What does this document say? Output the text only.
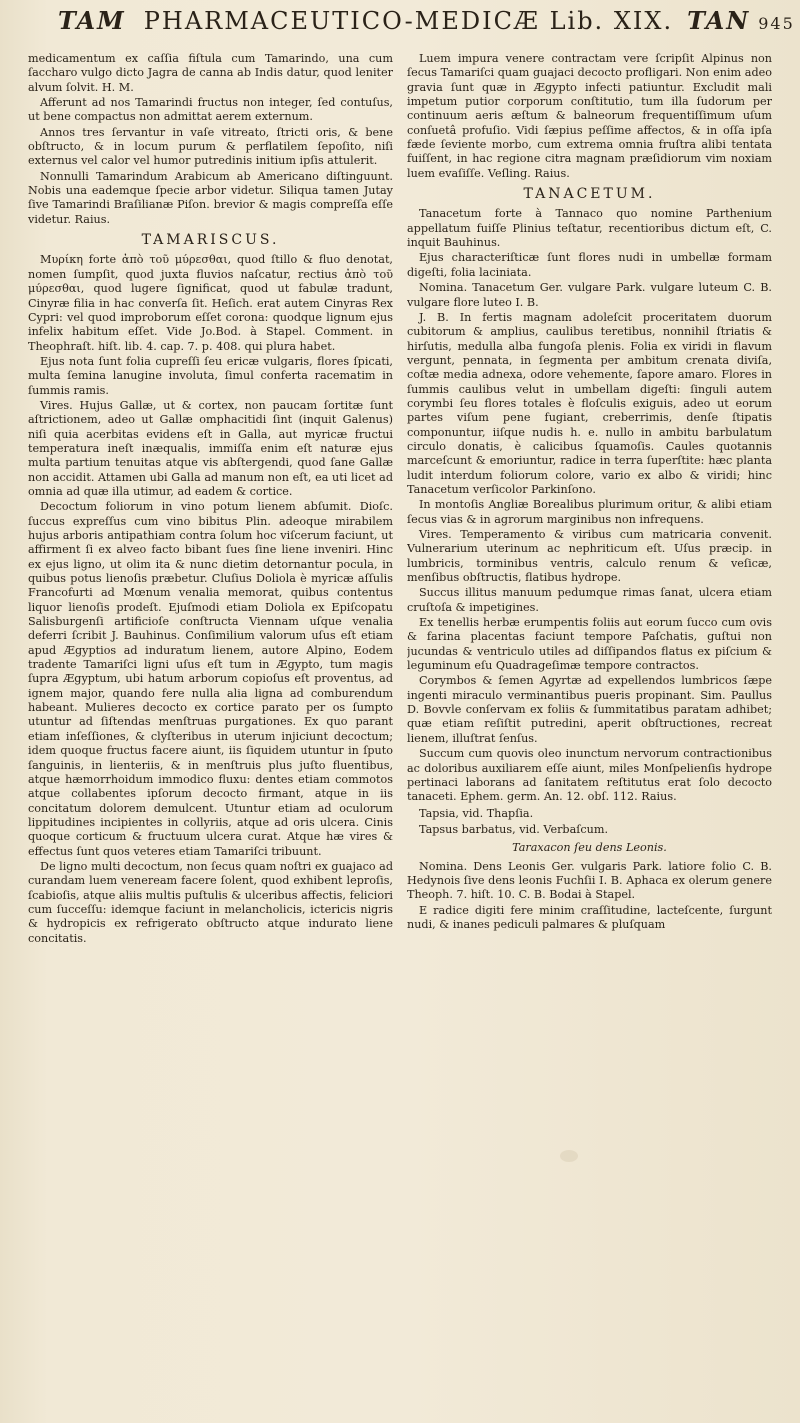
TAM PHARMACEUTICO-MEDICÆ Lib. XIX. TAN 945

medicamentum ex caſſia fiſtula cum Tamarindo, una cum ſaccharo vulgo dicto Jagra de canna ab Indis datur, quod leniter alvum ſolvit. H. M.

Afferunt ad nos Tamarindi fructus non integer, ſed contuſus, ut bene compactus non admittat aerem externum.

Annos tres ſervantur in vaſe vitreato, ſtricti oris, & bene obſtructo, & in locum purum & perflatilem ſepoſito, niſi externus vel calor vel humor putredinis initium ipſis attulerit.

Nonnulli Tamarindum Arabicum ab Americano diſtinguunt. Nobis una eademque ſpecie arbor videtur. Siliqua tamen Jutay ſive Tamarindi Braſilianæ Piſon. brevior & magis compreſſa eſſe videtur. Raius.

TAMARISCUS.

Μυρίκη forte ἀπὸ τοῦ μύρεσθαι, quod ſtillo & fluo denotat, nomen ſumpſit, quod juxta fluvios naſcatur, rectius ἀπὸ τοῦ μύρεσθαι, quod lugere ſignificat, quod ut fabulæ tradunt, Cinyræ filia in hac converſa ſit. Heſich. erat autem Cinyras Rex Cypri: vel quod improborum eſſet corona: quodque lignum ejus infelix habitum eſſet. Vide Jo.Bod. à Stapel. Comment. in Theophraſt. hiſt. lib. 4. cap. 7. p. 408. qui plura habet.

Ejus nota ſunt folia cupreſſi ſeu ericæ vulgaris, flores ſpicati, multa ſemina lanugine involuta, ſimul conferta racematim in ſummis ramis.

Vires. Hujus Gallæ, ut & cortex, non paucam ſortitæ ſunt aſtrictionem, adeo ut Gallæ omphacitidi ſint (inquit Galenus) niſi quia acerbitas evidens eſt in Galla, aut myricæ fructui temperatura ineſt inæqualis, immiſſa enim eſt naturæ ejus multa partium tenuitas atque vis abſtergendi, quod ſane Gallæ non accidit. Attamen ubi Galla ad manum non eſt, ea uti licet ad omnia ad quæ illa utimur, ad eadem & cortice.

Decoctum foliorum in vino potum lienem abſumit. Dioſc. ſuccus expreſſus cum vino bibitus Plin. adeoque mirabilem hujus arboris antipathiam contra ſolum hoc viſcerum faciunt, ut affirment ſi ex alveo facto bibant ſues ſine liene inveniri. Hinc ex ejus ligno, ut olim ita & nunc dietim detornantur pocula, in quibus potus lienoſis præbetur. Cluſius Doliola è myricæ aſſulis Francofurti ad Mœnum venalia memorat, quibus contentus liquor lienoſis prodeſt. Ejuſmodi etiam Doliola ex Epiſcopatu Salisburgenſi artificioſe conſtructa Viennam uſque venalia deferri ſcribit J. Bauhinus. Conſimilium valorum uſus eſt etiam apud Ægyptios ad induratum lienem, autore Alpino, Eodem tradente Tamariſci ligni uſus eſt tum in Ægypto, tum magis ſupra Ægyptum, ubi hatum arborum copioſus eſt proventus, ad ignem major, quando fere nulla alia ligna ad comburendum habeant. Mulieres decocto ex cortice parato per os ſumpto utuntur ad ſiſtendas menſtruas purgationes. Ex quo parant etiam inſeſſiones, & clyſteribus in uterum injiciunt decoctum; idem quoque fructus facere aiunt, iis ſiquidem utuntur in ſputo ſanguinis, in lienteriis, & in menſtruis plus juſto fluentibus, atque hæmorrhoidum immodico fluxu: dentes etiam commotos atque collabentes ipſorum decocto firmant, atque in iis concitatum dolorem demulcent. Utuntur etiam ad oculorum lippitudines incipientes in collyriis, atque ad oris ulcera. Cinis quoque corticum & fructuum ulcera curat. Atque hæ vires & effectus ſunt quos veteres etiam Tamariſci tribuunt.

De ligno multi decoctum, non ſecus quam noſtri ex guajaco ad curandam luem veneream facere ſolent, quod exhibent leproſis, ſcabioſis, atque aliis multis puſtulis & ulceribus affectis, feliciori cum ſucceſſu: idemque faciunt in melancholicis, ictericis nigris & hydropicis ex refrigerato obſtructo atque indurato liene concitatis.

Luem impura venere contractam vere ſcripſit Alpinus non ſecus Tamariſci quam guajaci decocto profligari. Non enim adeo gravia ſunt quæ in Ægypto infecti patiuntur. Excludit mali impetum putior corporum conſtitutio, tum illa ſudorum per continuum aeris æſtum & balneorum frequentiſſimum uſum conſuetâ profuſio. Vidi ſæpius peſſime affectos, & in oſſa ipſa fæde ſeviente morbo, cum extrema omnia fruſtra alibi tentata fuiſſent, in hac regione citra magnam præſidiorum vim noxiam luem evaſiſſe. Veſling. Raius.

TANACETUM.

Tanacetum forte à Tannaco quo nomine Parthenium appellatum fuiſſe Plinius teſtatur, recentioribus dictum eſt, C. inquit Bauhinus.

Ejus characteriſticæ ſunt flores nudi in umbellæ formam digeſti, folia laciniata.

Nomina. Tanacetum Ger. vulgare Park. vulgare luteum C. B. vulgare flore luteo I. B.

J. B. In fertis magnam adoleſcit proceritatem duorum cubitorum & amplius, caulibus teretibus, nonnihil ſtriatis & hirſutis, medulla alba fungoſa plenis. Folia ex viridi in flavum vergunt, pennata, in ſegmenta per ambitum crenata diviſa, coſtæ media adnexa, odore vehemente, ſapore amaro. Flores in ſummis caulibus velut in umbellam digeſti: ſinguli autem corymbi ſeu flores totales è floſculis exiguis, adeo ut eorum partes viſum pene fugiant, creberrimis, denſe ſtipatis componuntur, iiſque nudis h. e. nullo in ambitu barbulatum circulo donatis, è calicibus ſquamoſis. Caules quotannis marceſcunt & emoriuntur, radice in terra ſuperſtite: hæc planta ludit interdum foliorum colore, vario ex albo & viridi; hinc Tanacetum verſicolor Parkinſono.

In montoſis Angliæ Borealibus plurimum oritur, & alibi etiam ſecus vias & in agrorum marginibus non infrequens.

Vires. Temperamento & viribus cum matricaria convenit. Vulnerarium uterinum ac nephriticum eſt. Uſus præcip. in lumbricis, torminibus ventris, calculo renum & veſicæ, menſibus obſtructis, flatibus hydrope.

Succus illitus manuum pedumque rimas ſanat, ulcera etiam cruſtoſa & impetigines.

Ex tenellis herbæ erumpentis foliis aut eorum ſucco cum ovis & farina placentas faciunt tempore Paſchatis, guſtui non jucundas & ventriculo utiles ad diſſipandos flatus ex piſcium & leguminum eſu Quadrageſimæ tempore contractos.

Corymbos & ſemen Agyrtæ ad expellendos lumbricos ſæpe ingenti miraculo verminantibus pueris propinant. Sim. Paullus D. Bovvle conſervam ex foliis & ſummitatibus paratam adhibet; quæ etiam reſiſtit putredini, aperit obſtructiones, recreat lienem, illuſtrat ſenſus.

Succum cum quovis oleo inunctum nervorum contractionibus ac doloribus auxiliarem eſſe aiunt, miles Monſpelienſis hydrope pertinaci laborans ad ſanitatem reſtitutus erat ſolo decocto tanaceti. Ephem. germ. An. 12. obſ. 112. Raius.

Tapsia, vid. Thapſia.
Tapsus barbatus, vid. Verbaſcum.
Taraxacon ſeu dens Leonis.

Nomina. Dens Leonis Ger. vulgaris Park. latiore folio C. B. Hedynois ſive dens leonis Fuchſii I. B. Aphaca ex olerum genere Theoph. 7. hiſt. 10. C. B. Bodai à Stapel.

E radice digiti fere minim craſſitudine, lacteſcente, ſurgunt nudi, & inanes pediculi palmares & pluſquam
